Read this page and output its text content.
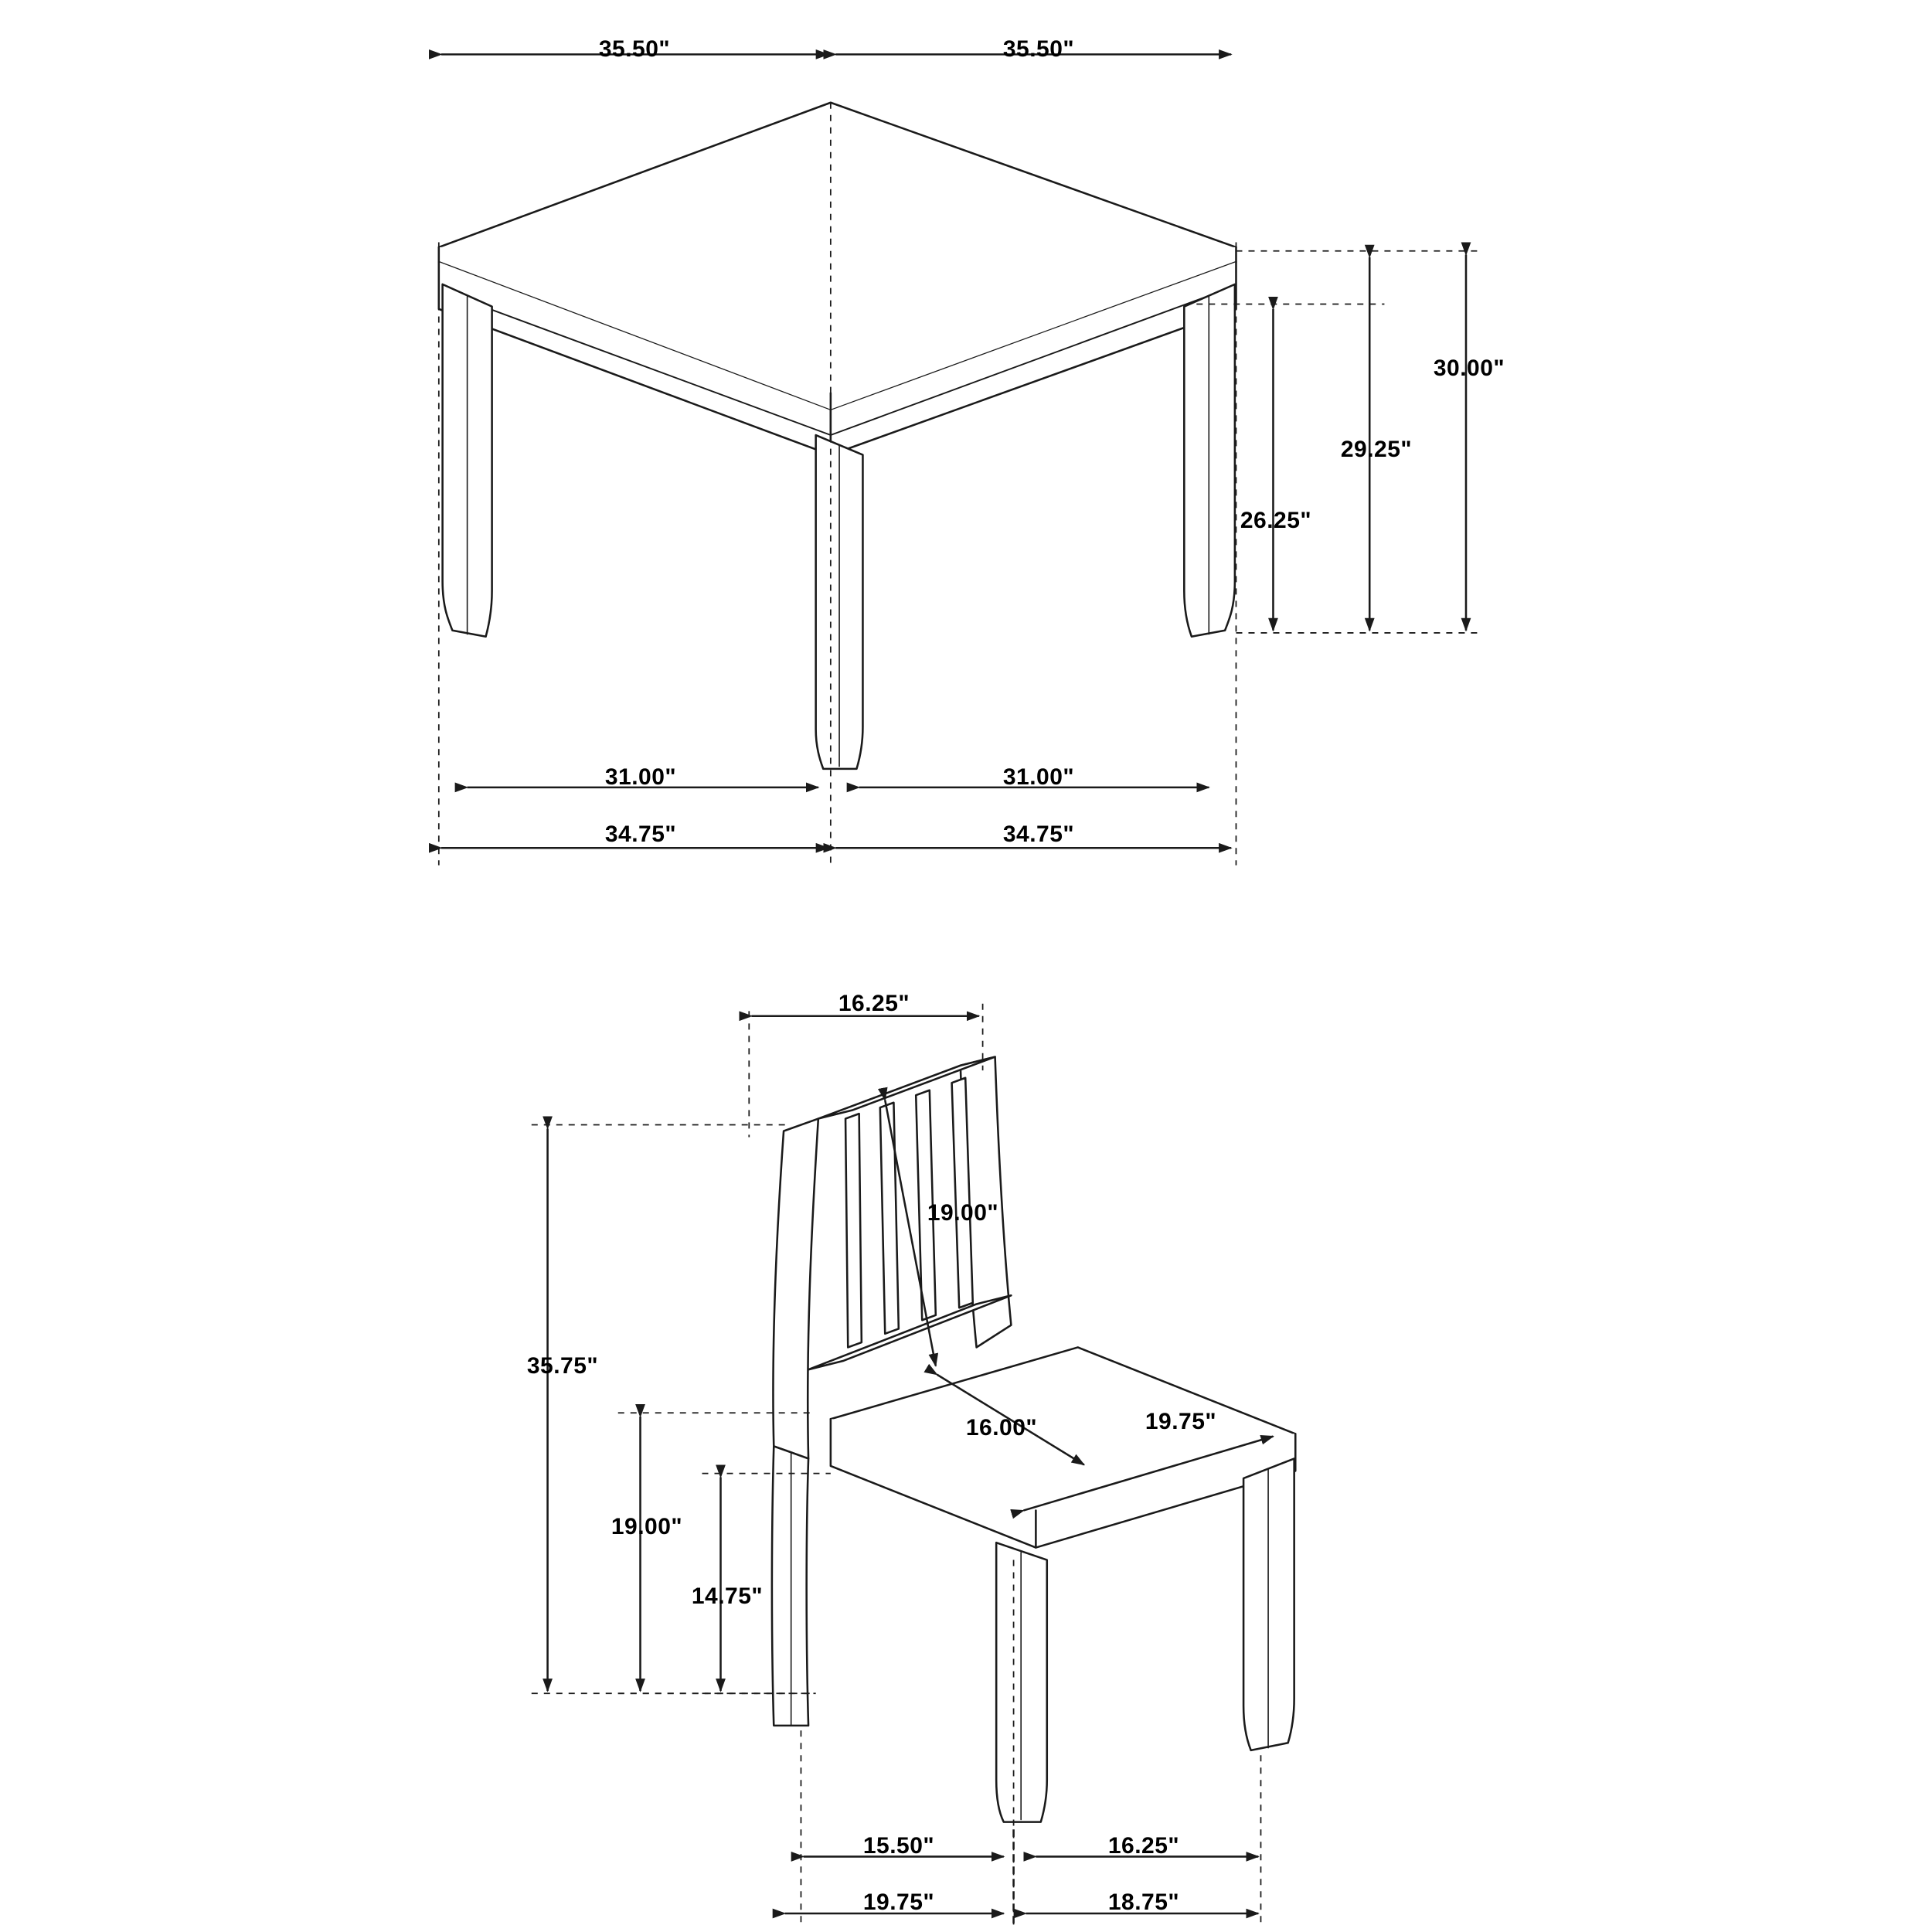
35.50"	35.50"
30.00"
29.25"
26.25"
31.00"	31.00"
34.75"	34.75"
16.25"
19.00"
35.75"
16.00"	19.75"
19.00"
14.75"
15.50"	16.25"
19.75"	18.75"
